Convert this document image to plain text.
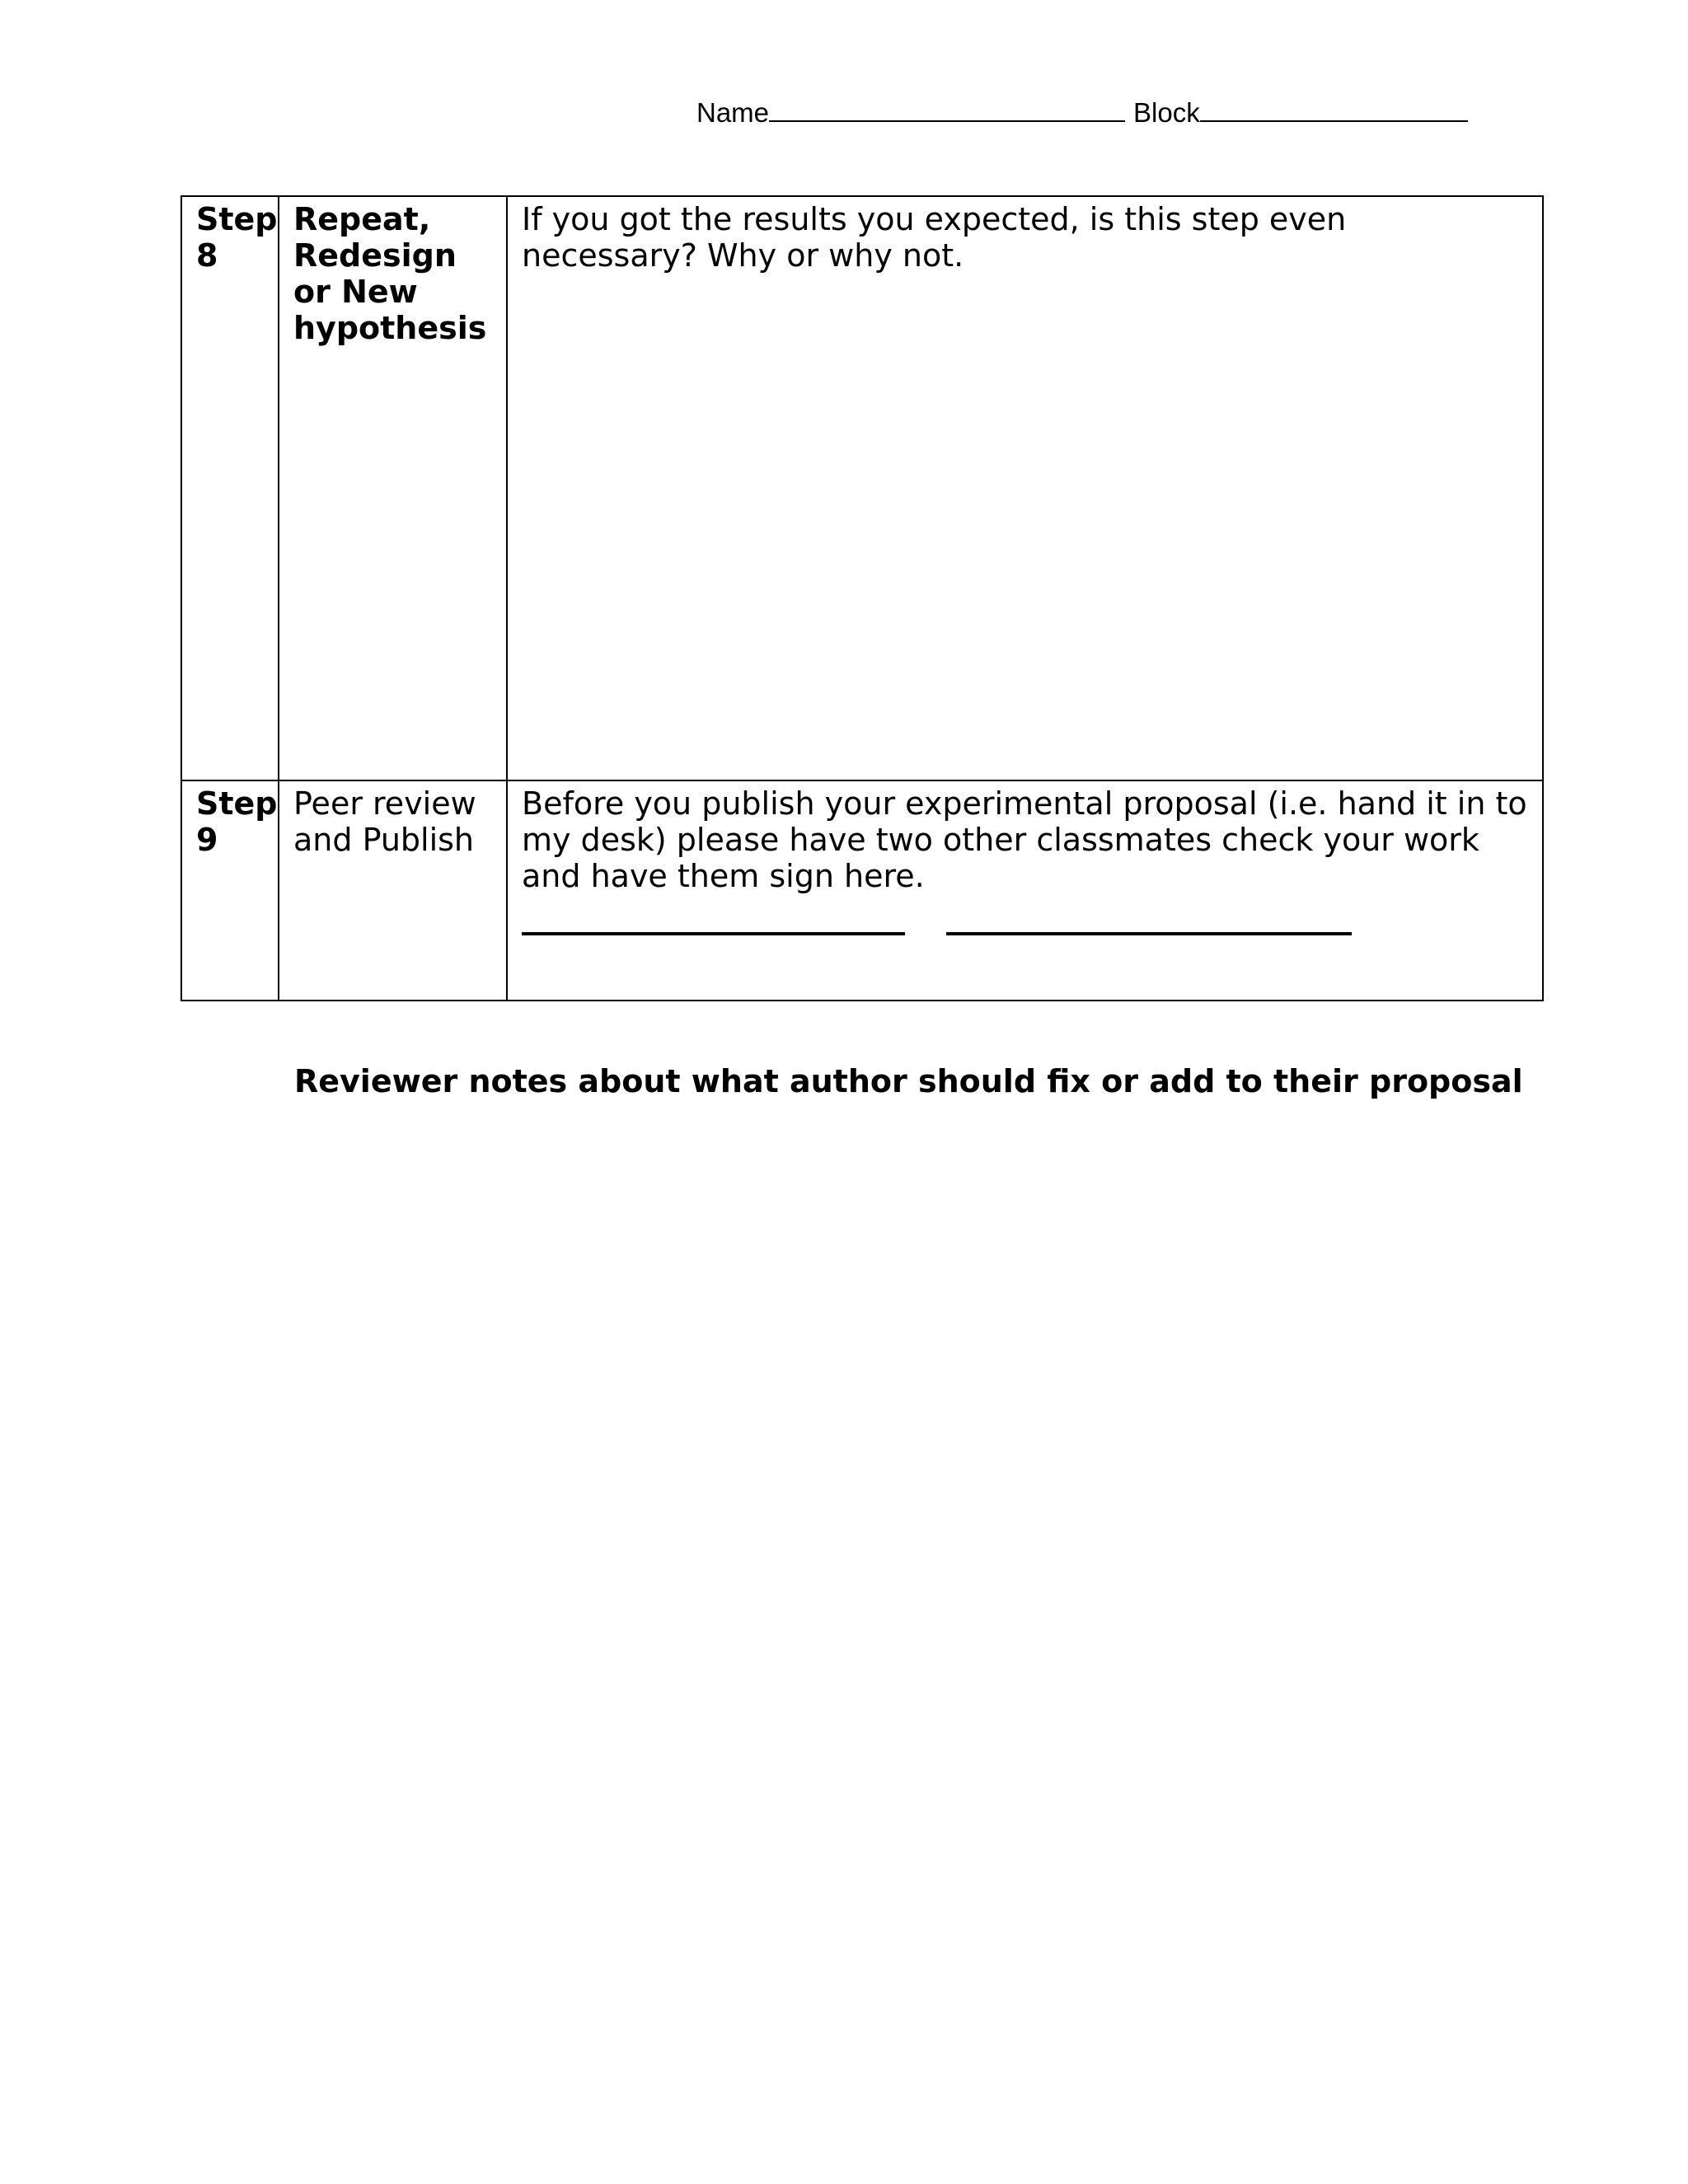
Name	Block
Step 8	Repeat, Redesign or New hypothesis	If you got the results you expected, is this step even necessary? Why or why not.
Step 9	Peer review and Publish	Before you publish your experimental proposal (i.e. hand it in to my desk) please have two other classmates check your work and have them sign here.
Reviewer notes about what author should fix or add to their proposal
